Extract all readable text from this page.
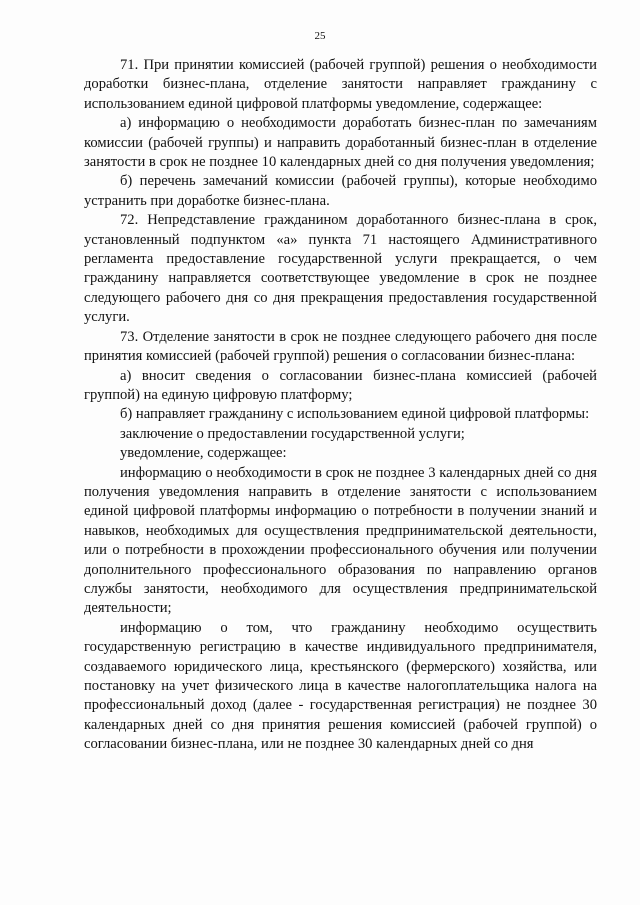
25

71. При принятии комиссией (рабочей группой) решения о необходимости доработки бизнес-плана, отделение занятости направляет гражданину с использованием единой цифровой платформы уведомление, содержащее:

а) информацию о необходимости доработать бизнес-план по замечаниям комиссии (рабочей группы) и направить доработанный бизнес-план в отделение занятости в срок не позднее 10 календарных дней со дня получения уведомления;

б) перечень замечаний комиссии (рабочей группы), которые необходимо устранить при доработке бизнес-плана.

72. Непредставление гражданином доработанного бизнес-плана в срок, установленный подпунктом «а» пункта 71 настоящего Административного регламента предоставление государственной услуги прекращается, о чем гражданину направляется соответствующее уведомление в срок не позднее следующего рабочего дня со дня прекращения предоставления государственной услуги.

73. Отделение занятости в срок не позднее следующего рабочего дня после принятия комиссией (рабочей группой) решения о согласовании бизнес-плана:

а) вносит сведения о согласовании бизнес-плана комиссией (рабочей группой) на единую цифровую платформу;

б) направляет гражданину с использованием единой цифровой платформы:

заключение о предоставлении государственной услуги;

уведомление, содержащее:

информацию о необходимости в срок не позднее 3 календарных дней со дня получения уведомления направить в отделение занятости с использованием единой цифровой платформы информацию о потребности в получении знаний и навыков, необходимых для осуществления предпринимательской деятельности, или о потребности в прохождении профессионального обучения или получении дополнительного профессионального образования по направлению органов службы занятости, необходимого для осуществления предпринимательской деятельности;

информацию о том, что гражданину необходимо осуществить государственную регистрацию в качестве индивидуального предпринимателя, создаваемого юридического лица, крестьянского (фермерского) хозяйства, или постановку на учет физического лица в качестве налогоплательщика налога на профессиональный доход (далее - государственная регистрация) не позднее 30 календарных дней со дня принятия решения комиссией (рабочей группой) о согласовании бизнес-плана, или не позднее 30 календарных дней со дня
